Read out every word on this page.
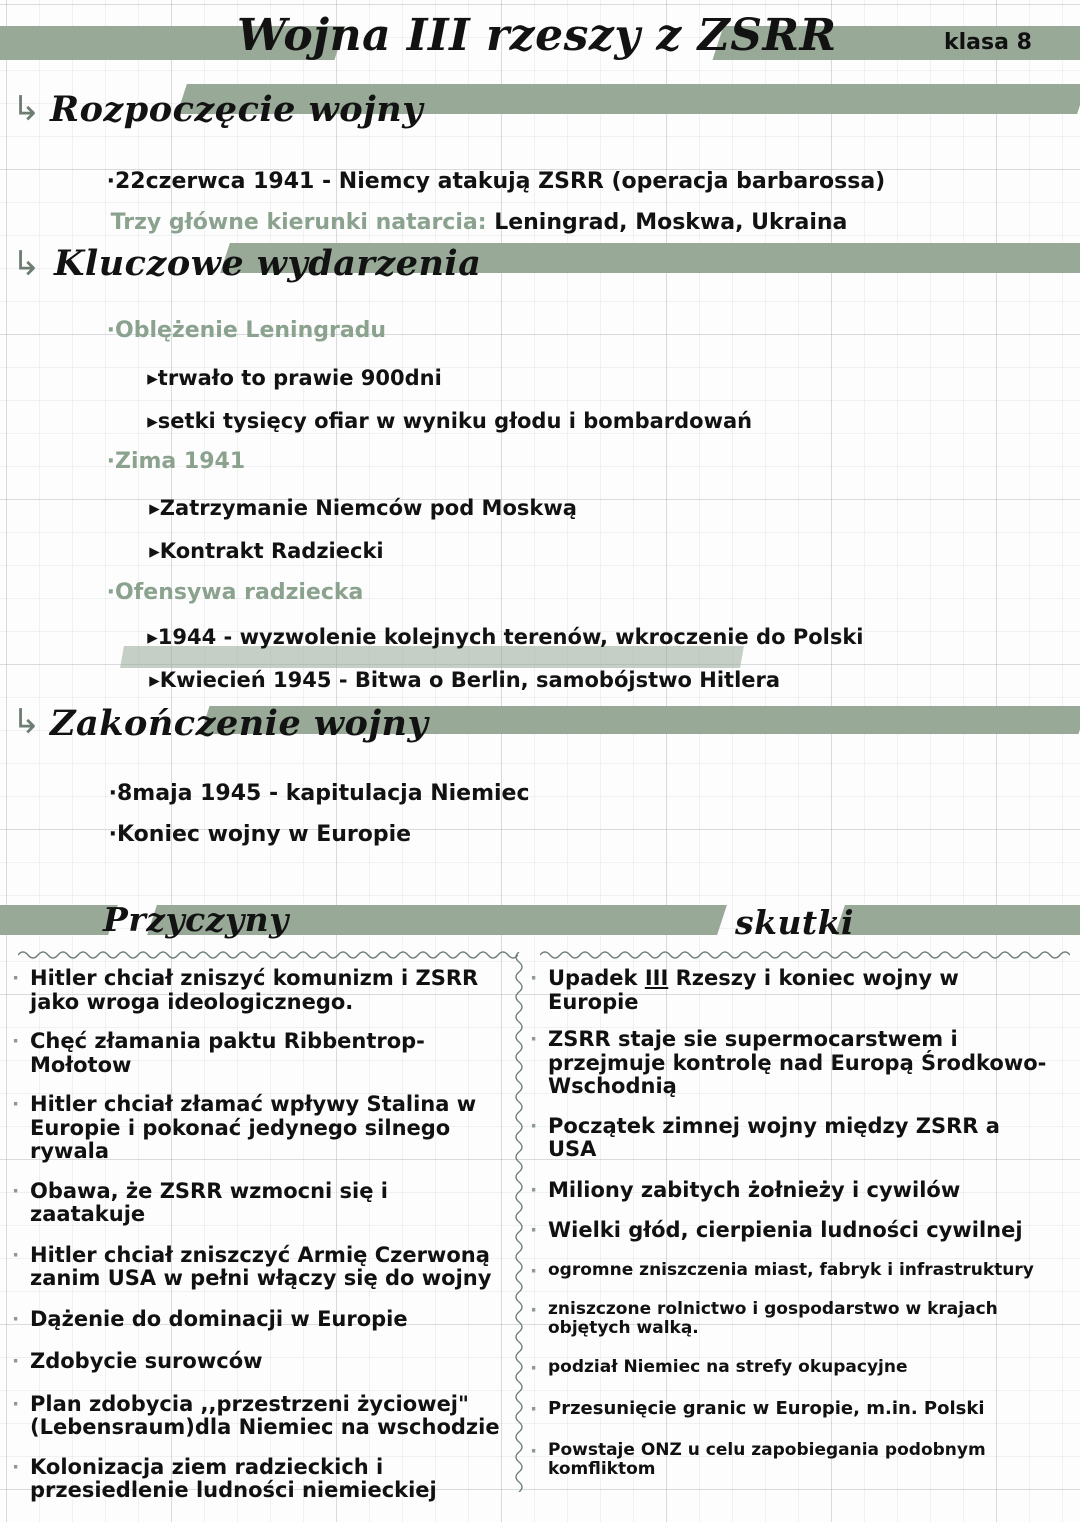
Wojna III rzeszy z ZSRR	klasa 8
↳ Rozpoczęcie wojny

·22czerwca 1941 - Niemcy atakują ZSRR (operacja barbarossa)

Trzy główne kierunki natarcia: Leningrad, Moskwa, Ukraina

↳ Kluczowe wydarzenia

·Oblężenie Leningradu

▸trwało to prawie 900dni

▸setki tysięcy ofiar w wyniku głodu i bombardowań

·Zima 1941

▸Zatrzymanie Niemców pod Moskwą

▸Kontrakt Radziecki

·Ofensywa radziecka

▸1944 - wyzwolenie kolejnych terenów, wkroczenie do Polski

▸Kwiecień 1945 - Bitwa o Berlin, samobójstwo Hitlera

↳ Zakończenie wojny

·8maja 1945 - kapitulacja Niemiec

·Koniec wojny w Europie

Przyczyny	skutki
· Hitler chciał zniszyć komunizm i ZSRR jako wroga ideologicznego.
· Chęć złamania paktu Ribbentrop-Mołotow
· Hitler chciał złamać wpływy Stalina w Europie i pokonać jedynego silnego rywala
· Obawa, że ZSRR wzmocni się i zaatakuje
· Hitler chciał zniszczyć Armię Czerwoną zanim USA w pełni włączy się do wojny
· Dążenie do dominacji w Europie
· Zdobycie surowców
· Plan zdobycia ,,przestrzeni życiowej" (Lebensraum)dla Niemiec na wschodzie
· Kolonizacja ziem radzieckich i przesiedlenie ludności niemieckiej
· Upadek III Rzeszy i koniec wojny w Europie
· ZSRR staje sie supermocarstwem i przejmuje kontrolę nad Europą Środkowo-Wschodnią
· Początek zimnej wojny między ZSRR a USA
· Miliony zabitych żołnieży i cywilów
· Wielki głód, cierpienia ludności cywilnej
· ogromne zniszczenia miast, fabryk i infrastruktury
· zniszczone rolnictwo i gospodarstwo w krajach objętych walką.
· podział Niemiec na strefy okupacyjne
· Przesunięcie granic w Europie, m.in. Polski
· Powstaje ONZ u celu zapobiegania podobnym komfliktom
